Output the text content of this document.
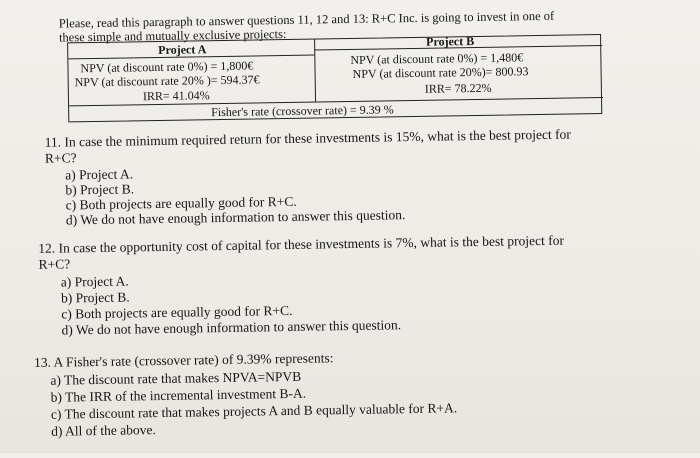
Please, read this paragraph to answer questions 11, 12 and 13: R+C Inc. is going to invest in one of
these simple and mutually exclusive projects:
Project A
NPV (at discount rate 0%) = 1,800€
NPV (at discount rate 20% )= 594.37€
IRR= 41.04%
Project B
NPV (at discount rate 0%) = 1,480€
NPV (at discount rate 20%)= 800.93
IRR= 78.22%
Fisher's rate (crossover rate) = 9.39 %
11. In case the minimum required return for these investments is 15%, what is the best project for
R+C?
a) Project A.
b) Project B.
c) Both projects are equally good for R+C.
d) We do not have enough information to answer this question.
12. In case the opportunity cost of capital for these investments is 7%, what is the best project for
R+C?
a) Project A.
b) Project B.
c) Both projects are equally good for R+C.
d) We do not have enough information to answer this question.
13. A Fisher's rate (crossover rate) of 9.39% represents:
a) The discount rate that makes NPVA=NPVB
b) The IRR of the incremental investment B-A.
c) The discount rate that makes projects A and B equally valuable for R+A.
d) All of the above.
